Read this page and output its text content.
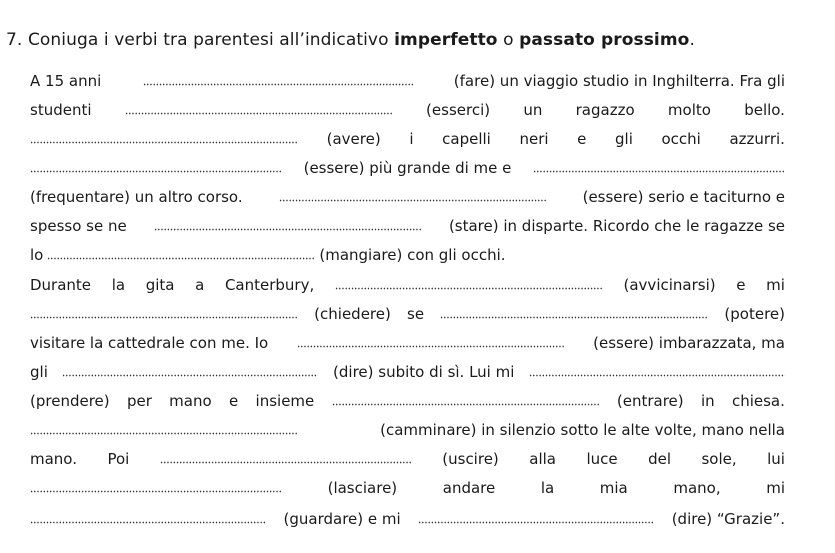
7. Coniuga i verbi tra parentesi all’indicativo imperfetto o passato prossimo.
A 15 anni	(fare) un viaggio studio in Inghilterra. Fra gli
studenti	(esserci) un ragazzo molto bello.
(avere) i capelli neri e gli occhi azzurri.
(essere) più grande di me e
(frequentare) un altro corso.	(essere) serio e taciturno e
spesso se ne	(stare) in disparte. Ricordo che le ragazze se
lo	(mangiare) con gli occhi.
Durante la gita a Canterbury,	(avvicinarsi) e mi
(chiedere) se	(potere)
visitare la cattedrale con me. Io	(essere) imbarazzata, ma
gli	(dire) subito di sì. Lui mi
(prendere) per mano e insieme	(entrare) in chiesa.
(camminare) in silenzio sotto le alte volte, mano nella
mano. Poi	(uscire) alla luce del sole, lui
(lasciare)	andare	la	mia	mano,	mi
(guardare) e mi	(dire) “Grazie”.
